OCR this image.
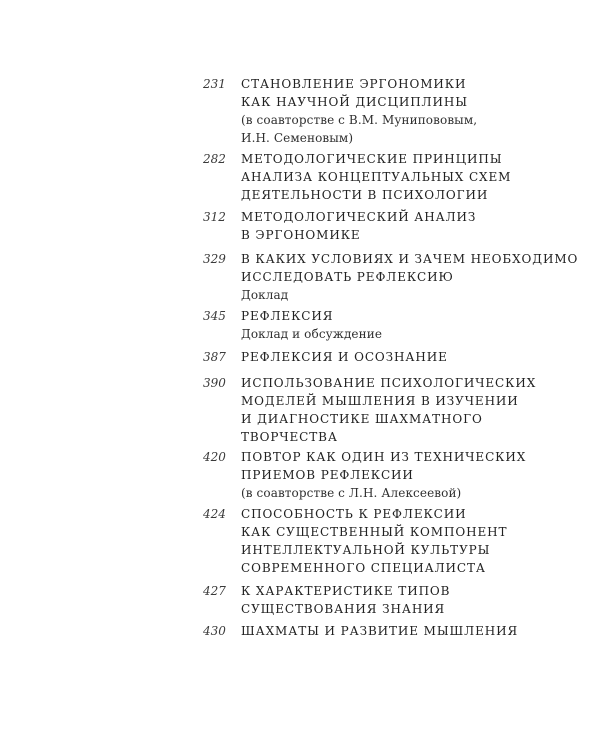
231	СТАНОВЛЕНИЕ ЭРГОНОМИКИ
КАК НАУЧНОЙ ДИСЦИПЛИНЫ
(в соавторстве с В.М. Мунипововым,
И.Н. Семеновым)
282	МЕТОДОЛОГИЧЕСКИЕ ПРИНЦИПЫ
АНАЛИЗА КОНЦЕПТУАЛЬНЫХ СХЕМ
ДЕЯТЕЛЬНОСТИ В ПСИХОЛОГИИ
312	МЕТОДОЛОГИЧЕСКИЙ АНАЛИЗ
В ЭРГОНОМИКЕ
329	В КАКИХ УСЛОВИЯХ И ЗАЧЕМ НЕОБХОДИМО
ИССЛЕДОВАТЬ РЕФЛЕКСИЮ
Доклад
345	РЕФЛЕКСИЯ
Доклад и обсуждение
387	РЕФЛЕКСИЯ И ОСОЗНАНИЕ
390	ИСПОЛЬЗОВАНИЕ ПСИХОЛОГИЧЕСКИХ
МОДЕЛЕЙ МЫШЛЕНИЯ В ИЗУЧЕНИИ
И ДИАГНОСТИКЕ ШАХМАТНОГО
ТВОРЧЕСТВА
420	ПОВТОР КАК ОДИН ИЗ ТЕХНИЧЕСКИХ
ПРИЕМОВ РЕФЛЕКСИИ
(в соавторстве с Л.Н. Алексеевой)
424	СПОСОБНОСТЬ К РЕФЛЕКСИИ
КАК СУЩЕСТВЕННЫЙ КОМПОНЕНТ
ИНТЕЛЛЕКТУАЛЬНОЙ КУЛЬТУРЫ
СОВРЕМЕННОГО СПЕЦИАЛИСТА
427	К ХАРАКТЕРИСТИКЕ ТИПОВ
СУЩЕСТВОВАНИЯ ЗНАНИЯ
430	ШАХМАТЫ И РАЗВИТИЕ МЫШЛЕНИЯ
